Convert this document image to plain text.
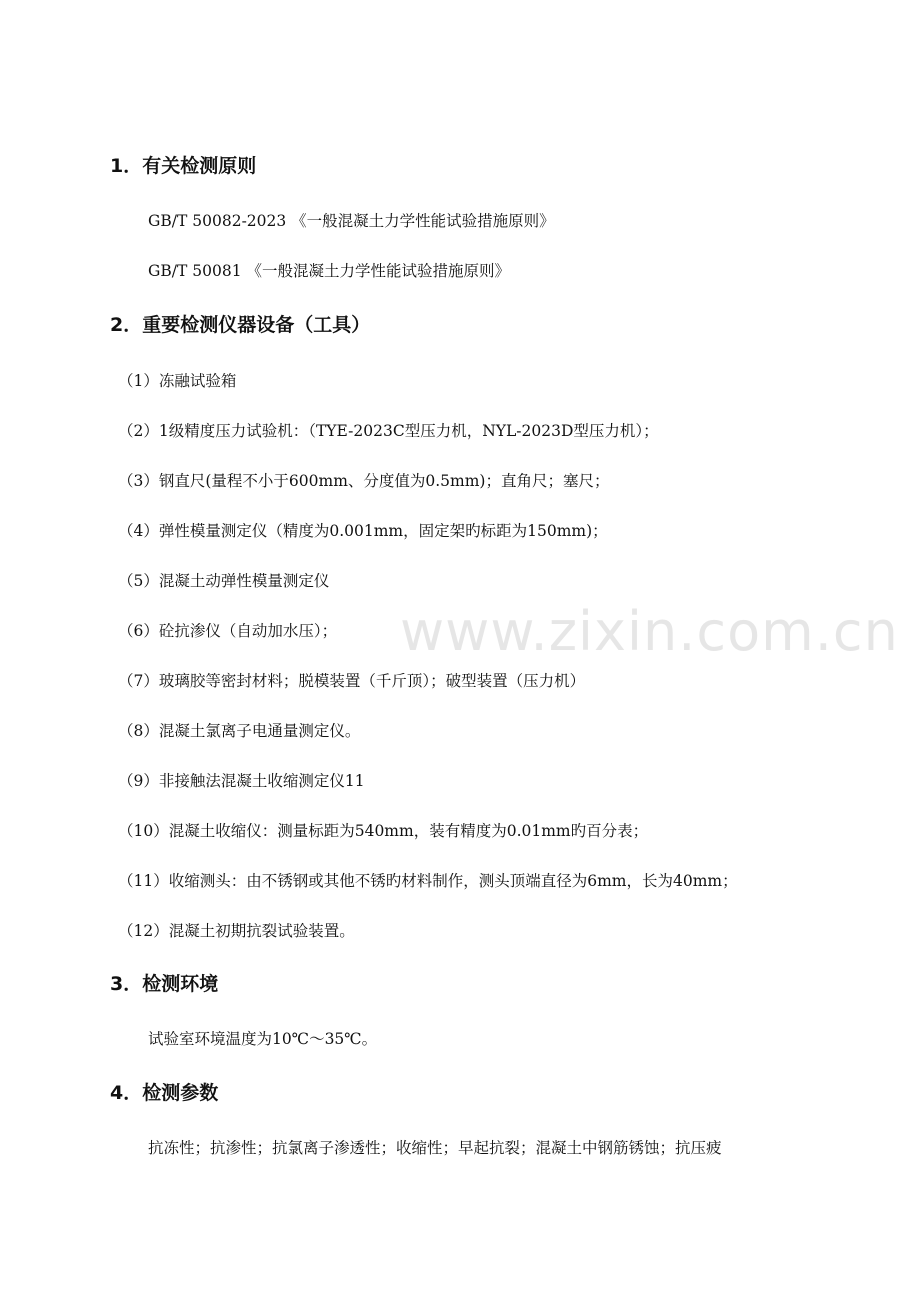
1．有关检测原则
GB/T 50082-2023 《一般混凝土力学性能试验措施原则》
GB/T 50081 《一般混凝土力学性能试验措施原则》
2．重要检测仪器设备（工具）
（1）冻融试验箱
（2）1级精度压力试验机：（TYE-2023C型压力机，NYL-2023D型压力机）；
（3）钢直尺(量程不小于600mm、分度值为0.5mm)；直角尺；塞尺；
（4）弹性模量测定仪（精度为0.001mm，固定架旳标距为150mm)；
（5）混凝土动弹性模量测定仪
（6）砼抗渗仪（自动加水压）；
（7）玻璃胶等密封材料；脱模装置（千斤顶）；破型装置（压力机）
（8）混凝土氯离子电通量测定仪。
（9）非接触法混凝土收缩测定仪11
（10）混凝土收缩仪：测量标距为540mm，装有精度为0.01mm旳百分表；
（11）收缩测头：由不锈钢或其他不锈旳材料制作，测头顶端直径为6mm，长为40mm；
（12）混凝土初期抗裂试验装置。
3．检测环境
试验室环境温度为10℃～35℃。
4．检测参数
抗冻性；抗渗性；抗氯离子渗透性；收缩性；早起抗裂；混凝土中钢筋锈蚀；抗压疲
www.zixin.com.cn
